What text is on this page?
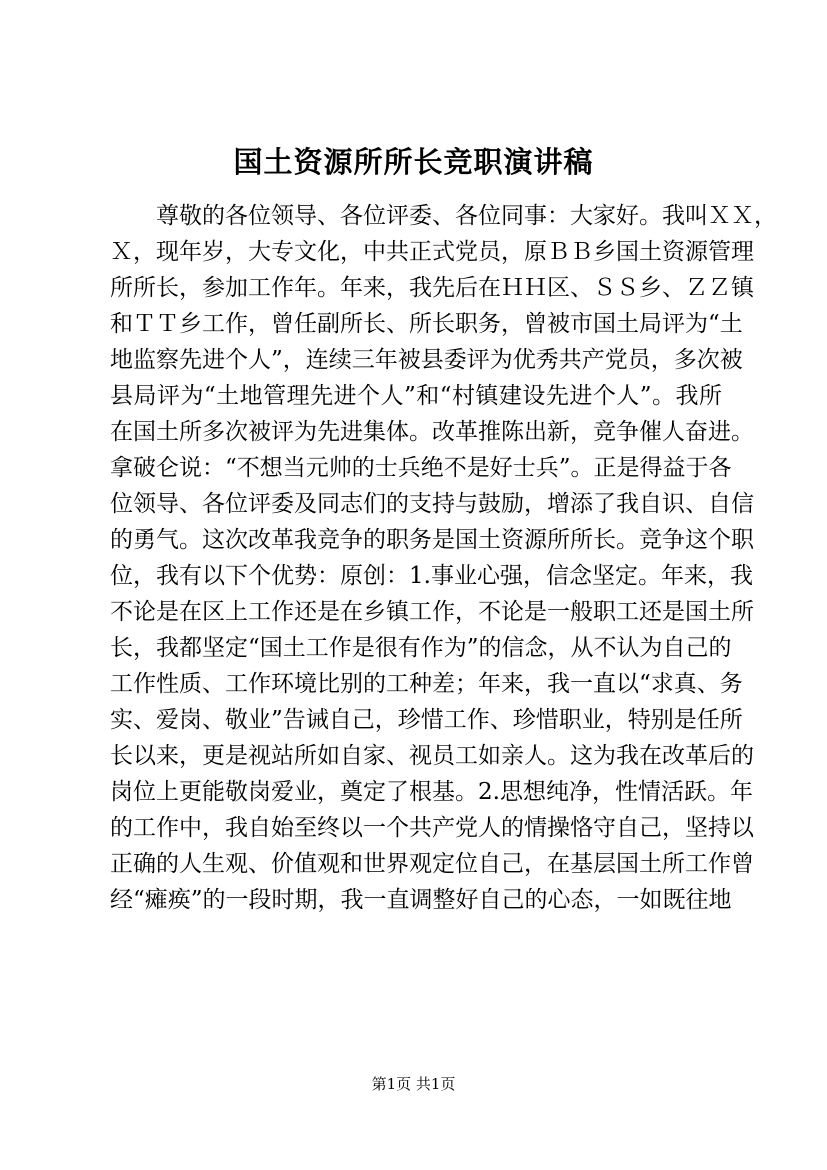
国土资源所所长竞职演讲稿
尊敬的各位领导、各位评委、各位同事：大家好。我叫ＸＸ，
Ｘ，现年岁，大专文化，中共正式党员，原ＢＢ乡国土资源管理
所所长，参加工作年。年来，我先后在ＨＨ区、ＳＳ乡、ＺＺ镇
和ＴＴ乡工作，曾任副所长、所长职务，曾被市国土局评为“土
地监察先进个人”，连续三年被县委评为优秀共产党员，多次被
县局评为“土地管理先进个人”和“村镇建设先进个人”。我所
在国土所多次被评为先进集体。改革推陈出新，竞争催人奋进。
拿破仑说：“不想当元帅的士兵绝不是好士兵”。正是得益于各
位领导、各位评委及同志们的支持与鼓励，增添了我自识、自信
的勇气。这次改革我竞争的职务是国土资源所所长。竞争这个职
位，我有以下个优势：原创：1.事业心强，信念坚定。年来，我
不论是在区上工作还是在乡镇工作，不论是一般职工还是国土所
长，我都坚定“国土工作是很有作为”的信念，从不认为自己的
工作性质、工作环境比别的工种差；年来，我一直以“求真、务
实、爱岗、敬业”告诫自己，珍惜工作、珍惜职业，特别是任所
长以来，更是视站所如自家、视员工如亲人。这为我在改革后的
岗位上更能敬岗爱业，奠定了根基。2.思想纯净，性情活跃。年
的工作中，我自始至终以一个共产党人的情操恪守自己，坚持以
正确的人生观、价值观和世界观定位自己，在基层国土所工作曾
经“瘫痪”的一段时期，我一直调整好自己的心态，一如既往地
第1页 共1页
